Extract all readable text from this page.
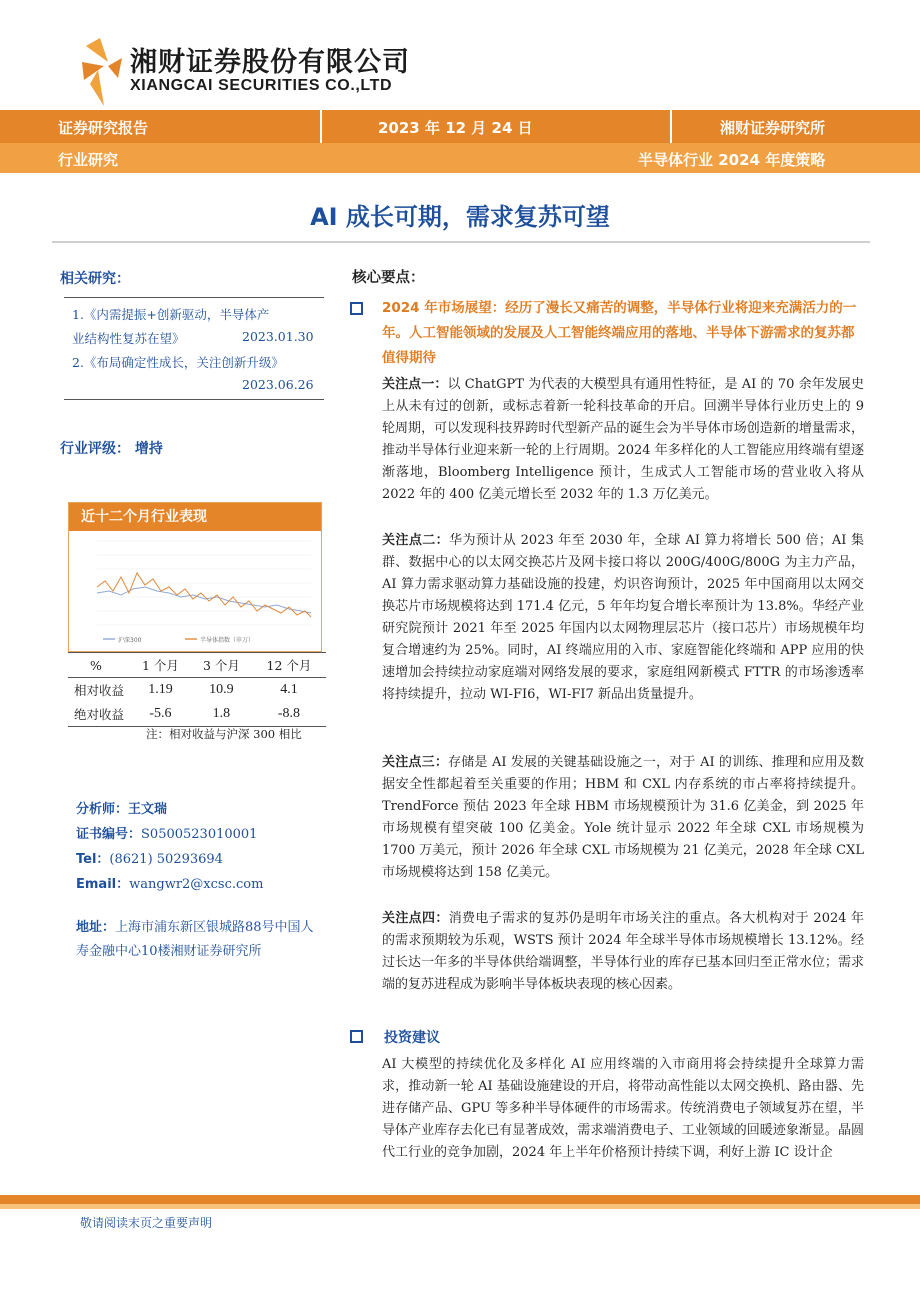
湘财证券股份有限公司
XIANGCAI SECURITIES CO.,LTD
证券研究报告	2023 年 12 月 24 日	湘财证券研究所
行业研究	半导体行业 2024 年度策略
AI 成长可期，需求复苏可望
相关研究：
1.《内需提振+创新驱动，半导体产
业结构性复苏在望》	2023.01.30
2.《布局确定性成长，关注创新升级》
2023.06.26
行业评级： 增持
近十二个月行业表现
沪深300	半导体指数（申万）
%	1 个月	3 个月	12 个月
相对收益	1.19	10.9	4.1
绝对收益	-5.6	1.8	-8.8
注：相对收益与沪深 300 相比
分析师：王文瑞
证书编号：S0500523010001
Tel：(8621) 50293694
Email：wangwr2@xcsc.com
地址：上海市浦东新区银城路88号中国人寿金融中心10楼湘财证券研究所
核心要点：
2024 年市场展望：经历了漫长又痛苦的调整，半导体行业将迎来充满活力的一年。人工智能领域的发展及人工智能终端应用的落地、半导体下游需求的复苏都值得期待
关注点一：以 ChatGPT 为代表的大模型具有通用性特征，是 AI 的 70 余年发展史上从未有过的创新，或标志着新一轮科技革命的开启。回溯半导体行业历史上的 9 轮周期，可以发现科技界跨时代型新产品的诞生会为半导体市场创造新的增量需求，推动半导体行业迎来新一轮的上行周期。2024 年多样化的人工智能应用终端有望逐渐落地，Bloomberg Intelligence 预计，生成式人工智能市场的营业收入将从 2022 年的 400 亿美元增长至 2032 年的 1.3 万亿美元。
关注点二：华为预计从 2023 年至 2030 年，全球 AI 算力将增长 500 倍；AI 集群、数据中心的以太网交换芯片及网卡接口将以 200G/400G/800G 为主力产品，AI 算力需求驱动算力基础设施的投建，灼识咨询预计，2025 年中国商用以太网交换芯片市场规模将达到 171.4 亿元，5 年年均复合增长率预计为 13.8%。华经产业研究院预计 2021 年至 2025 年国内以太网物理层芯片（接口芯片）市场规模年均复合增速约为 25%。同时，AI 终端应用的入市、家庭智能化终端和 APP 应用的快速增加会持续拉动家庭端对网络发展的要求，家庭组网新模式 FTTR 的市场渗透率将持续提升，拉动 WI-FI6，WI-FI7 新品出货量提升。
关注点三：存储是 AI 发展的关键基础设施之一，对于 AI 的训练、推理和应用及数据安全性都起着至关重要的作用；HBM 和 CXL 内存系统的市占率将持续提升。TrendForce 预估 2023 年全球 HBM 市场规模预计为 31.6 亿美金，到 2025 年市场规模有望突破 100 亿美金。Yole 统计显示 2022 年全球 CXL 市场规模为 1700 万美元，预计 2026 年全球 CXL 市场规模为 21 亿美元，2028 年全球 CXL 市场规模将达到 158 亿美元。
关注点四：消费电子需求的复苏仍是明年市场关注的重点。各大机构对于 2024 年的需求预期较为乐观，WSTS 预计 2024 年全球半导体市场规模增长 13.12%。经过长达一年多的半导体供给端调整，半导体行业的库存已基本回归至正常水位；需求端的复苏进程成为影响半导体板块表现的核心因素。
投资建议
AI 大模型的持续优化及多样化 AI 应用终端的入市商用将会持续提升全球算力需求，推动新一轮 AI 基础设施建设的开启，将带动高性能以太网交换机、路由器、先进存储产品、GPU 等多种半导体硬件的市场需求。传统消费电子领域复苏在望，半导体产业库存去化已有显著成效，需求端消费电子、工业领域的回暖迹象渐显。晶圆代工行业的竞争加剧，2024 年上半年价格预计持续下调，利好上游 IC 设计企
敬请阅读末页之重要声明
